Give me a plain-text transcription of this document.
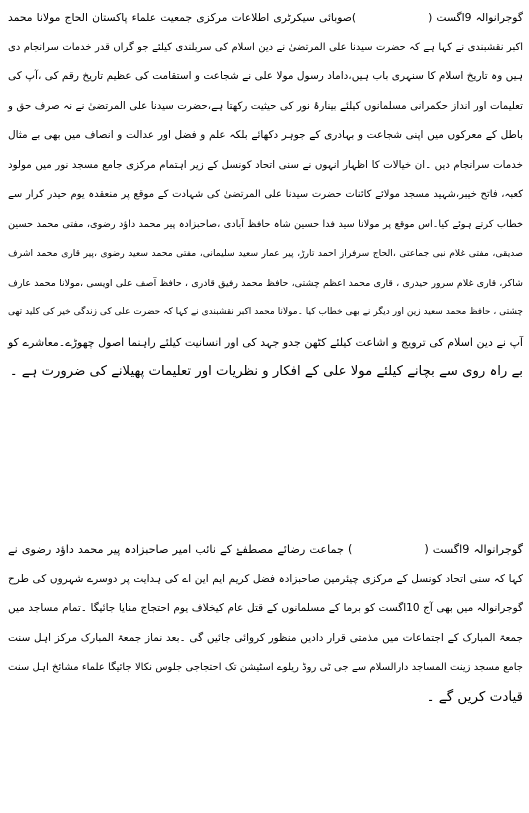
گوجرانوالہ 9اگست ()صوبائی سیکرٹری اطلاعات مرکزی جمعیت علماء پاکستان الحاج مولانا محمد

اکبر نقشبندی نے کہا ہے کہ حضرت سیدنا علی المرتضیٰ نے دین اسلام کی سربلندی کیلئے جو گراں قدر خدمات سرانجام دی

ہیں وہ تاریخ اسلام کا سنہری باب ہیں،داماد رسول مولا علی نے شجاعت و استقامت کی عظیم تاریخ رقم کی ،آپ کی

تعلیمات اور انداز حکمرانی مسلمانوں کیلئے بینارۂ نور کی حیثیت رکھتا ہے،حضرت سیدنا علی المرتضیٰ نے نہ صرف حق و

باطل کے معرکوں میں اپنی شجاعت و بہادری کے جوہر دکھائے بلکہ علم و فضل اور عدالت و انصاف میں بھی بے مثال

خدمات سرانجام دیں ۔ان خیالات کا اظہار انہوں نے سنی اتحاد کونسل کے زیر اہتمام مرکزی جامع مسجد نور میں مولود

کعبہ، فاتح خیبر،شہید مسجد مولائے کائنات حضرت سیدنا علی المرتضیٰ کی شہادت کے موقع پر منعقدہ یوم حیدر کرار سے

خطاب کرتے ہوئے کیا۔اس موقع پر مولانا سید فدا حسین شاہ حافظ آبادی ،صاحبزادہ پیر محمد داؤد رضوی، مفتی محمد حسین

صدیقی، مفتی غلام نبی جماعتی ،الحاج سرفراز احمد تارڑ، پیر عمار سعید سلیمانی، مفتی محمد سعید رضوی ،پیر قاری محمد اشرف

شاکر، قاری غلام سرور حیدری ، قاری محمد اعظم چشتی، حافظ محمد رفیق قادری ، حافظ آصف علی اویسی ،مولانا محمد عارف

چشتی ، حافظ محمد سعید زین اور دیگر نے بھی خطاب کیا ۔مولانا محمد اکبر نقشبندی نے کہا کہ حضرت علی کی زندگی خیر کی کلید تھی

آپ نے دین اسلام کی ترویج و اشاعت کیلئے کٹھن جدو جہد کی اور انسانیت کیلئے راہنما اصول چھوڑے۔معاشرے کو

بے راہ روی سے بچانے کیلئے مولا علی کے افکار و نظریات اور تعلیمات پھیلانے کی ضرورت ہے ۔

گوجرانوالہ 9اگست () جماعت رضائے مصطفےٰ کے نائب امیر صاحبزادہ پیر محمد داؤد رضوی نے

کہا کہ سنی اتحاد کونسل کے مرکزی چیئرمین صاحبزادہ فضل کریم ایم این اے کی ہدایت پر دوسرے شہروں کی طرح

گوجرانوالہ میں بھی آج 10اگست کو برما کے مسلمانوں کے قتل عام کیخلاف یوم احتجاج منایا جائیگا ۔تمام مساجد میں

جمعۃ المبارک کے اجتماعات میں مذمتی قرار دادیں منظور کروائی جائیں گی ۔بعد نماز جمعۃ المبارک مرکز اہل سنت

جامع مسجد زینت المساجد دارالسلام سے جی ٹی روڈ ریلوے اسٹیشن تک احتجاجی جلوس نکالا جائیگا علماء مشائخ اہل سنت

قیادت کریں گے ۔
